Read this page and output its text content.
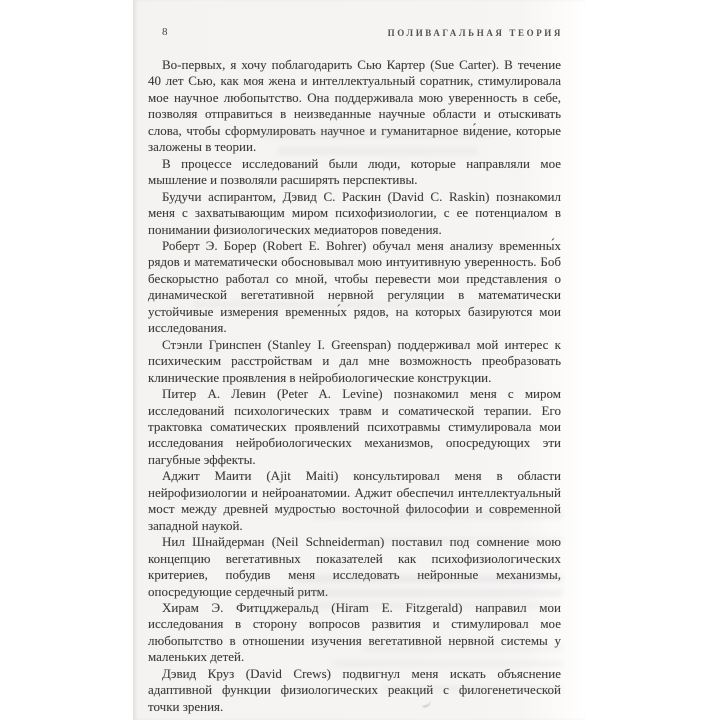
8	ПОЛИВАГАЛЬНАЯ ТЕОРИЯ

Во-первых, я хочу поблагодарить Сью Картер (Sue Carter). В течение 40 лет Сью, как моя жена и интеллектуальный соратник, стимулировала мое научное любопытство. Она поддерживала мою уверенность в себе, позволяя отправиться в неизведанные научные области и отыскивать слова, чтобы сформулировать научное и гуманитарное ви́дение, которые заложены в теории.

В процессе исследований были люди, которые направляли мое мышление и позволяли расширять перспективы.

Будучи аспирантом, Дэвид С. Раскин (David C. Raskin) познакомил меня с захватывающим миром психофизиологии, с ее потенциалом в понимании физиологических медиаторов поведения.

Роберт Э. Борер (Robert E. Bohrer) обучал меня анализу временны́х рядов и математически обосновывал мою интуитивную уверенность. Боб бескорыстно работал со мной, чтобы перевести мои представления о динамической вегетативной нервной регуляции в математически устойчивые измерения временны́х рядов, на которых базируются мои исследования.

Стэнли Гринспен (Stanley I. Greenspan) поддерживал мой интерес к психическим расстройствам и дал мне возможность преобразовать клинические проявления в нейробиологические конструкции.

Питер А. Левин (Peter A. Levine) познакомил меня с миром исследований психологических травм и соматической терапии. Его трактовка соматических проявлений психотравмы стимулировала мои исследования нейробиологических механизмов, опосредующих эти пагубные эффекты.

Аджит Маити (Ajit Maiti) консультировал меня в области нейрофизиологии и нейроанатомии. Аджит обеспечил интеллектуальный мост между древней мудростью восточной философии и современной западной наукой.

Нил Шнайдерман (Neil Schneiderman) поставил под сомнение мою концепцию вегетативных показателей как психофизиологических критериев, побудив меня исследовать нейронные механизмы, опосредующие сердечный ритм.

Хирам Э. Фитцджеральд (Hiram E. Fitzgerald) направил мои исследования в сторону вопросов развития и стимулировал мое любопытство в отношении изучения вегетативной нервной системы у маленьких детей.

Дэвид Круз (David Crews) подвигнул меня искать объяснение адаптивной функции физиологических реакций с филогенетической точки зрения.
